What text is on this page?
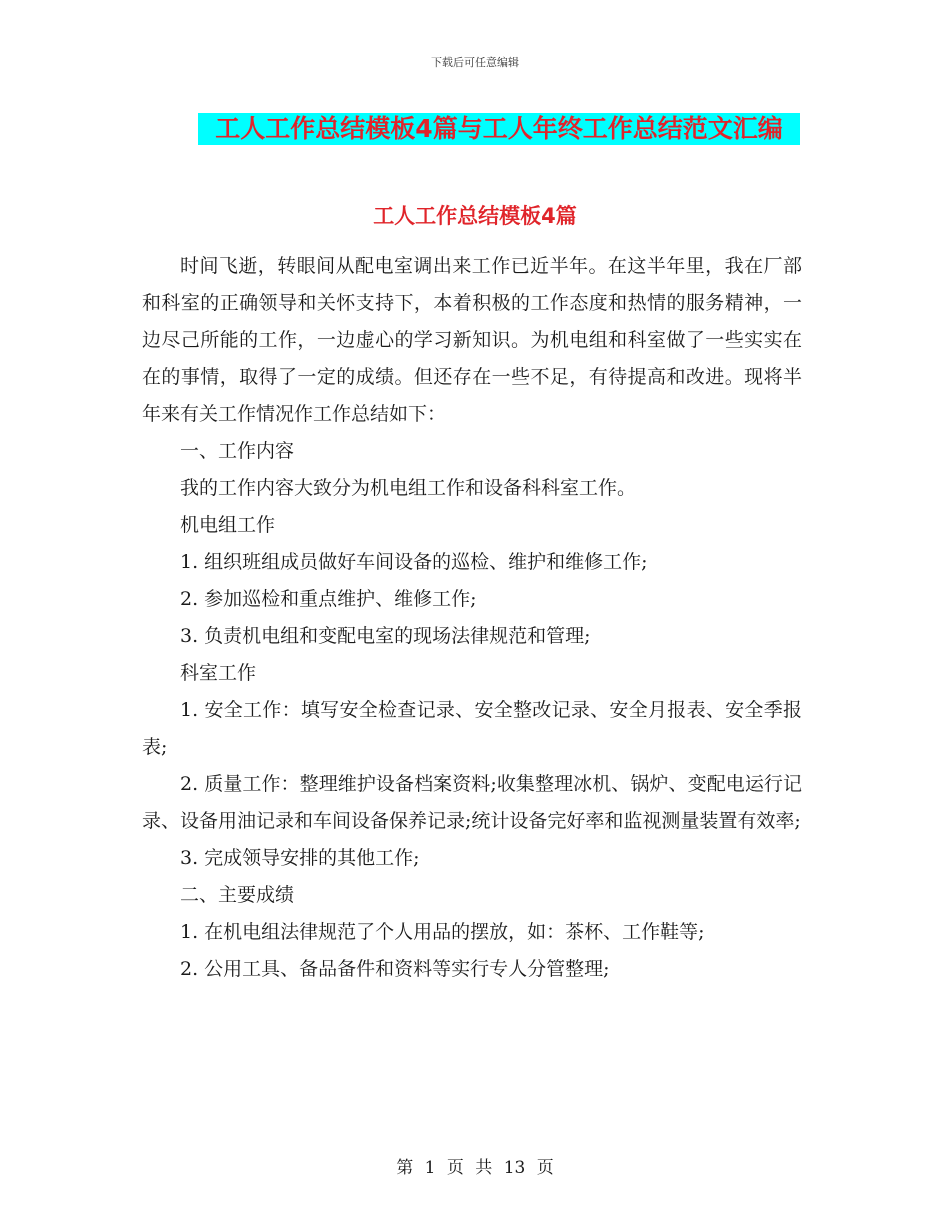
下载后可任意编辑
工人工作总结模板4篇与工人年终工作总结范文汇编
工人工作总结模板4篇

时间飞逝，转眼间从配电室调出来工作已近半年。在这半年里，我在厂部和科室的正确领导和关怀支持下，本着积极的工作态度和热情的服务精神，一边尽己所能的工作，一边虚心的学习新知识。为机电组和科室做了一些实实在在的事情，取得了一定的成绩。但还存在一些不足，有待提高和改进。现将半年来有关工作情况作工作总结如下：

一、工作内容

我的工作内容大致分为机电组工作和设备科科室工作。

机电组工作

1. 组织班组成员做好车间设备的巡检、维护和维修工作;

2. 参加巡检和重点维护、维修工作;

3. 负责机电组和变配电室的现场法律规范和管理;

科室工作

1. 安全工作：填写安全检查记录、安全整改记录、安全月报表、安全季报表;

2. 质量工作：整理维护设备档案资料;收集整理冰机、锅炉、变配电运行记录、设备用油记录和车间设备保养记录;统计设备完好率和监视测量装置有效率;

3. 完成领导安排的其他工作;

二、主要成绩

1. 在机电组法律规范了个人用品的摆放，如：茶杯、工作鞋等;

2. 公用工具、备品备件和资料等实行专人分管整理;

第 1 页 共 13 页
